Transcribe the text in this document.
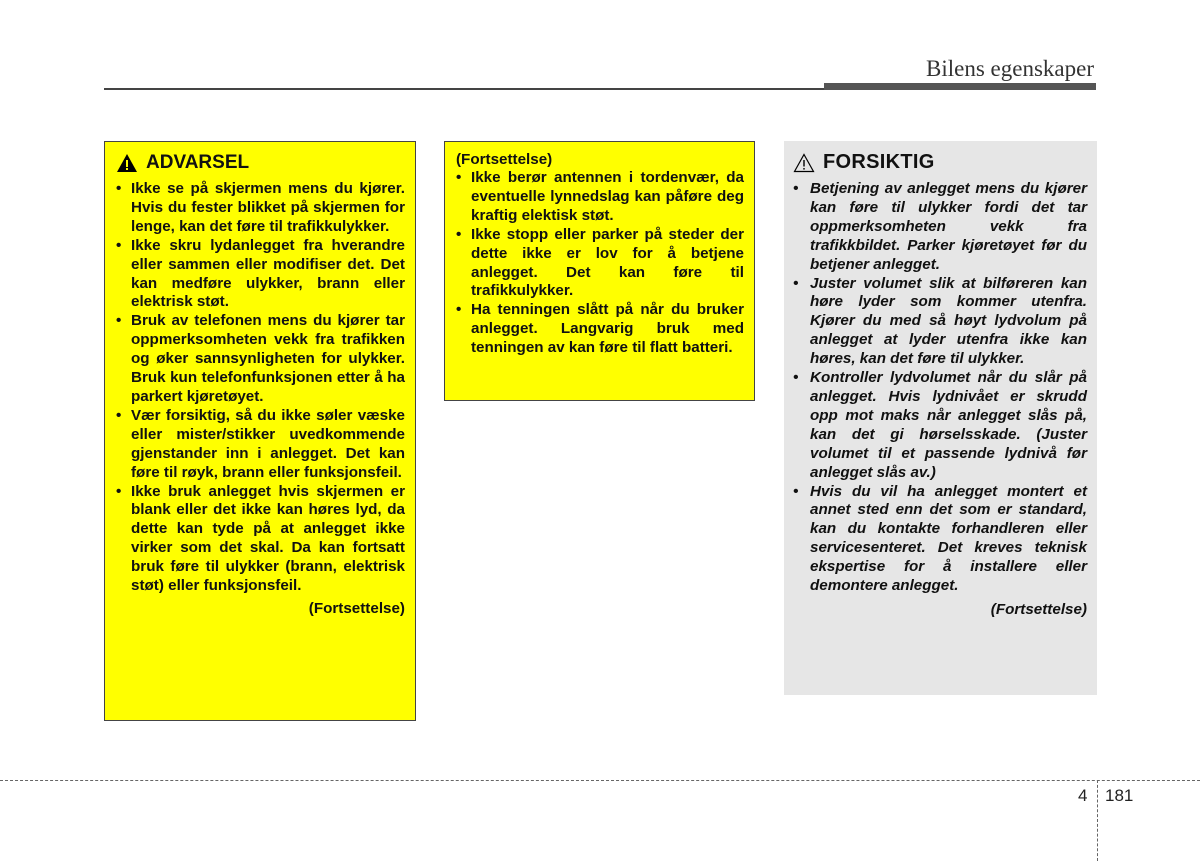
Bilens egenskaper
ADVARSEL
• Ikke se på skjermen mens du kjører. Hvis du fester blikket på skjermen for lenge, kan det føre til trafikkulykker.
• Ikke skru lydanlegget fra hverandre eller sammen eller modifiser det. Det kan medføre ulykker, brann eller elektrisk støt.
• Bruk av telefonen mens du kjører tar oppmerksomheten vekk fra trafikken og øker sannsynligheten for ulykker. Bruk kun telefonfunksjonen etter å ha parkert kjøretøyet.
• Vær forsiktig, så du ikke søler væske eller mister/stikker uvedkommende gjenstander inn i anlegget. Det kan føre til røyk, brann eller funksjonsfeil.
• Ikke bruk anlegget hvis skjermen er blank eller det ikke kan høres lyd, da dette kan tyde på at anlegget ikke virker som det skal. Da kan fortsatt bruk føre til ulykker (brann, elektrisk støt) eller funksjonsfeil.
(Fortsettelse)
(Fortsettelse)
• Ikke berør antennen i tordenvær, da eventuelle lynnedslag kan påføre deg kraftig elektisk støt.
• Ikke stopp eller parker på steder der dette ikke er lov for å betjene anlegget. Det kan føre til trafikkulykker.
• Ha tenningen slått på når du bruker anlegget. Langvarig bruk med tenningen av kan føre til flatt batteri.
FORSIKTIG
• Betjening av anlegget mens du kjører kan føre til ulykker fordi det tar oppmerksomheten vekk fra trafikkbildet. Parker kjøretøyet før du betjener anlegget.
• Juster volumet slik at bilføreren kan høre lyder som kommer utenfra. Kjører du med så høyt lydvolum på anlegget at lyder utenfra ikke kan høres, kan det føre til ulykker.
• Kontroller lydvolumet når du slår på anlegget. Hvis lydnivået er skrudd opp mot maks når anlegget slås på, kan det gi hørselsskade. (Juster volumet til et passende lydnivå før anlegget slås av.)
• Hvis du vil ha anlegget montert et annet sted enn det som er standard, kan du kontakte forhandleren eller servicesenteret. Det kreves teknisk ekspertise for å installere eller demontere anlegget.
(Fortsettelse)
4 181
